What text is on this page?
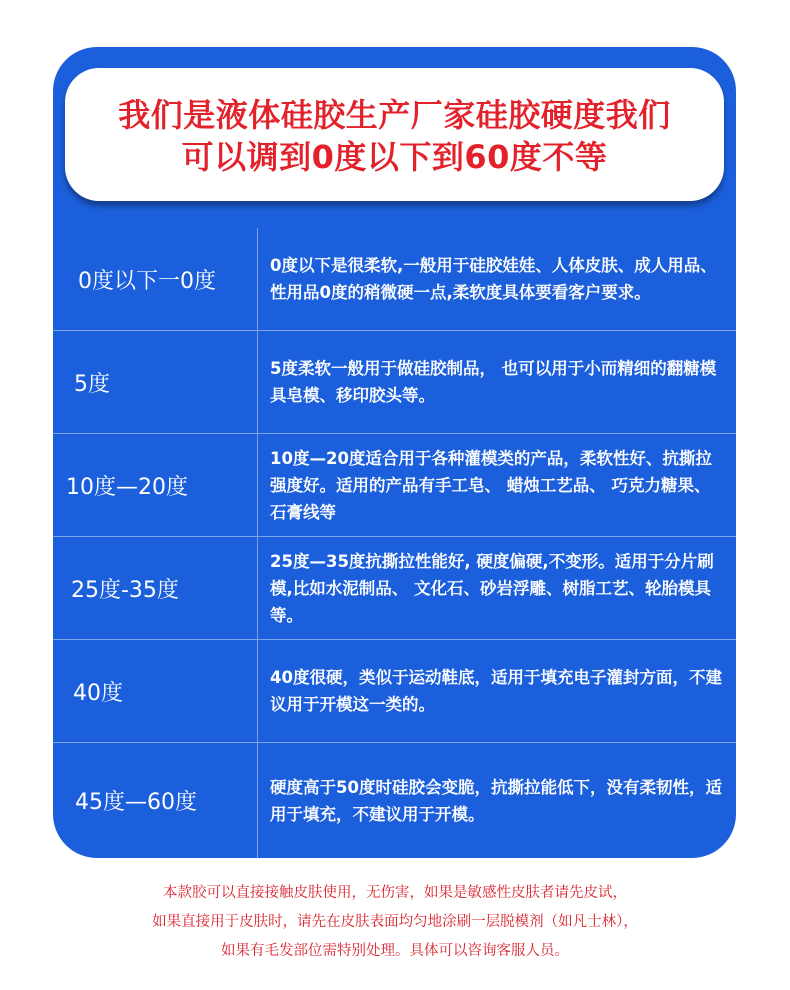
我们是液体硅胶生产厂家硅胶硬度我们
可以调到0度以下到60度不等
0度以下一0度
0度以下是很柔软,一般用于硅胶娃娃、人体皮肤、成人用品、 性用品0度的稍微硬一点,柔软度具体要看客户要求。
5度
5度柔软一般用于做硅胶制品， 也可以用于小而精细的翻糖模具皂模、移印胶头等。
10度—20度
10度—20度适合用于各种灌模类的产品，柔软性好、抗撕拉强度好。适用的产品有手工皂、 蜡烛工艺品、 巧克力糖果、石膏线等
25度-35度
25度—35度抗撕拉性能好, 硬度偏硬,不变形。适用于分片刷模,比如水泥制品、 文化石、砂岩浮雕、树脂工艺、轮胎模具等。
40度
40度很硬，类似于运动鞋底，适用于填充电子灌封方面，不建议用于开模这一类的。
45度—60度
硬度高于50度时硅胶会变脆，抗撕拉能低下，没有柔韧性，适用于填充，不建议用于开模。
本款胶可以直接接触皮肤使用，无伤害，如果是敏感性皮肤者请先皮试，
如果直接用于皮肤时，请先在皮肤表面均匀地涂刷一层脱模剂（如凡士林），
如果有毛发部位需特别处理。具体可以咨询客服人员。
